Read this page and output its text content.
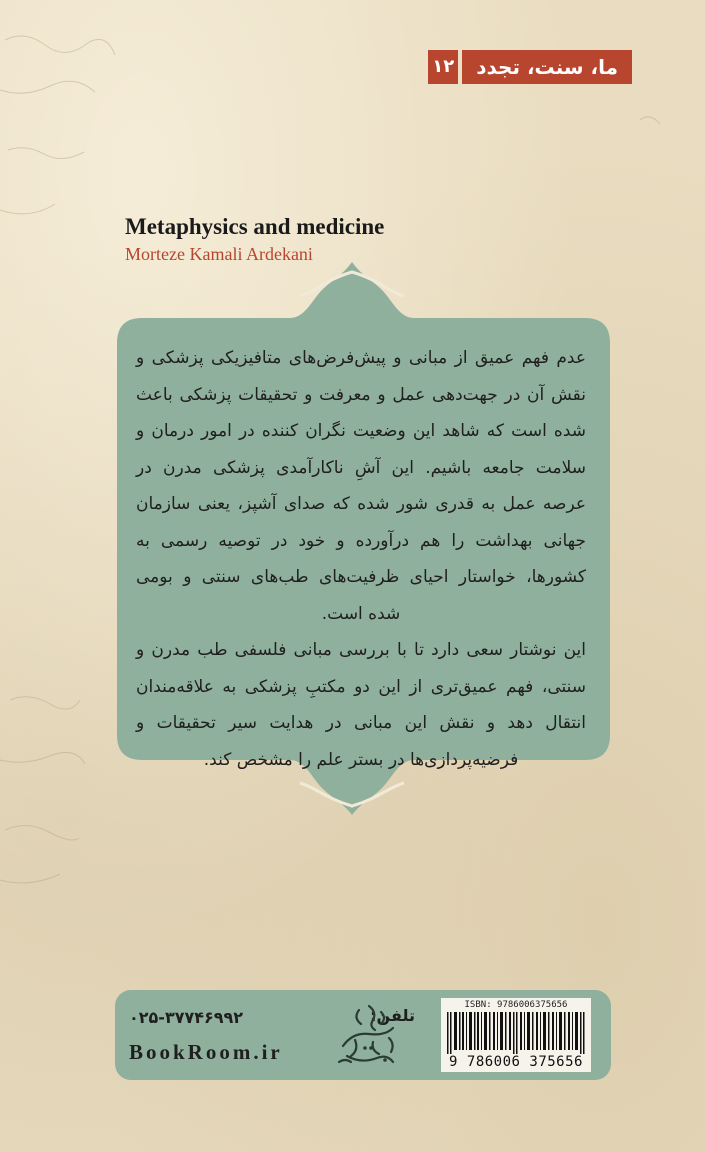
ما، سنت، تجدد
۱۲
Metaphysics and medicine
Morteze Kamali Ardekani

عدم فهم عمیق از مبانی و پیش‌فرض‌های متافیزیکی پزشکی و نقش آن در جهت‌دهی عمل و معرفت و تحقیقات پزشکی باعث شده است که شاهد این وضعیت نگران کننده در امور درمان و سلامت جامعه باشیم. این آشِ ناکارآمدی پزشکی مدرن در عرصه عمل به قدری شور شده که صدای آشپز، یعنی سازمان جهانی بهداشت را هم درآورده و خود در توصیه رسمی به کشورها، خواستار احیای ظرفیت‌های طب‌های سنتی و بومی شده است.

این نوشتار سعی دارد تا با بررسی مبانی فلسفی طب مدرن و سنتی، فهم عمیق‌تری از این دو مکتبِ پزشکی به علاقه‌مندان انتقال دهد و نقش این مبانی در هدایت سیر تحقیقات و فرضیه‌پردازی‌ها در بستر علم را مشخص کند.

تلفن:
۰۲۵-۳۷۷۴۶۹۹۲
BookRoom.ir
ISBN: 9786006375656
9 786006 375656
